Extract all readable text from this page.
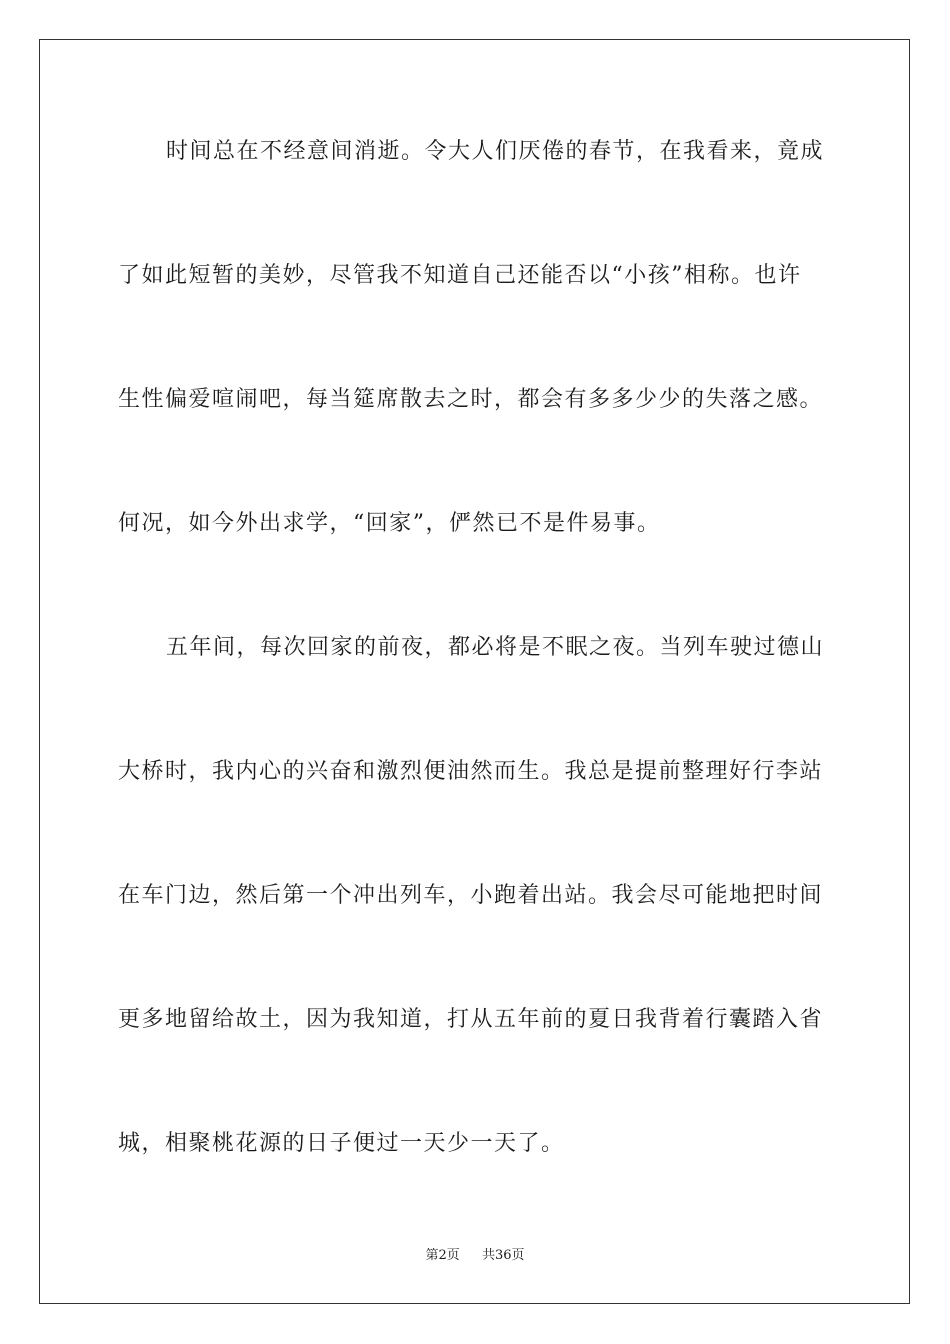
时间总在不经意间消逝。令大人们厌倦的春节，在我看来，竟成
了如此短暂的美妙，尽管我不知道自己还能否以“小孩”相称。也许
生性偏爱喧闹吧，每当筵席散去之时，都会有多多少少的失落之感。
何况，如今外出求学，“回家”，俨然已不是件易事。
五年间，每次回家的前夜，都必将是不眠之夜。当列车驶过德山
大桥时，我内心的兴奋和激烈便油然而生。我总是提前整理好行李站
在车门边，然后第一个冲出列车，小跑着出站。我会尽可能地把时间
更多地留给故土，因为我知道，打从五年前的夏日我背着行囊踏入省
城，相聚桃花源的日子便过一天少一天了。
第2页 共36页
